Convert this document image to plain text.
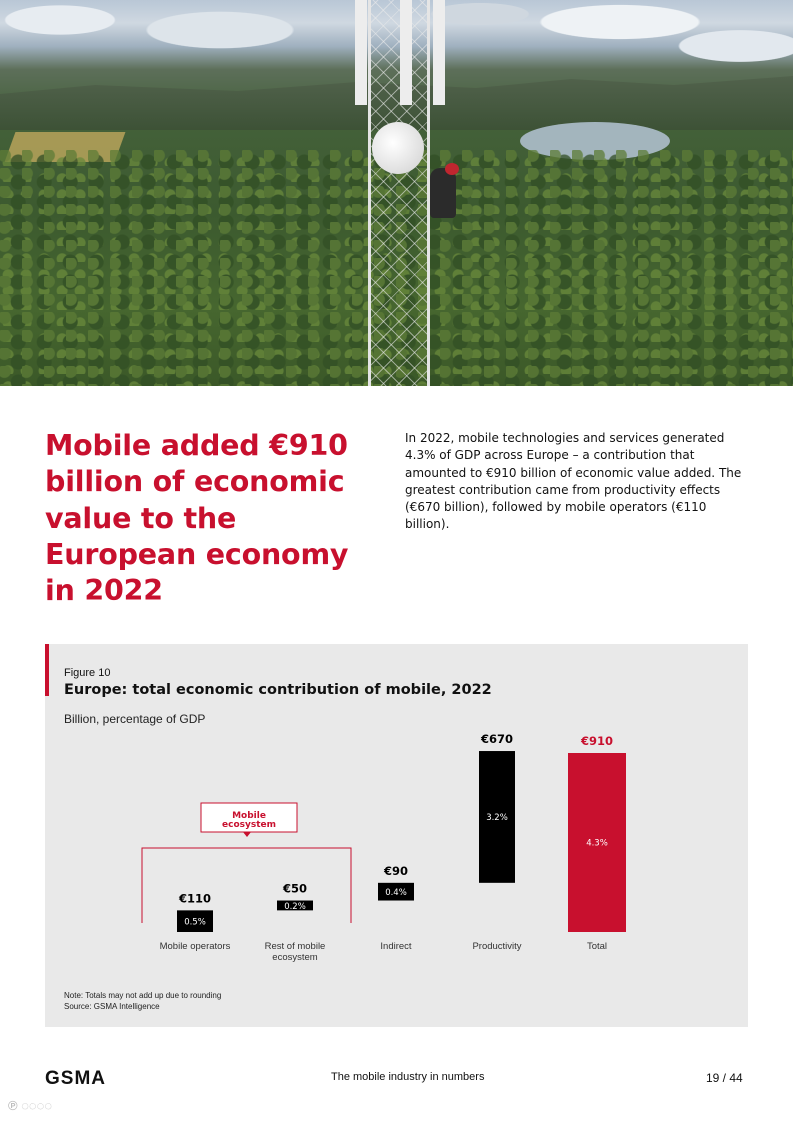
Mobile added €910 billion of economic value to the European economy in 2022

In 2022, mobile technologies and services generated 4.3% of GDP across Europe – a contribution that amounted to €910 billion of economic value added. The greatest contribution came from productivity effects (€670 billion), followed by mobile operators (€110 billion).

Figure 10
Europe: total economic contribution of mobile, 2022
Billion, percentage of GDP
Mobile
ecosystem
0.5%
€110
Mobile operators
0.2%
€50
Rest of mobile
ecosystem
0.4%
€90
Indirect
3.2%
€670
Productivity
4.3%
€910
Total
Note: Totals may not add up due to rounding
Source: GSMA Intelligence
GSMA	The mobile industry in numbers	19 / 44
℗ ◌◌◌◌
